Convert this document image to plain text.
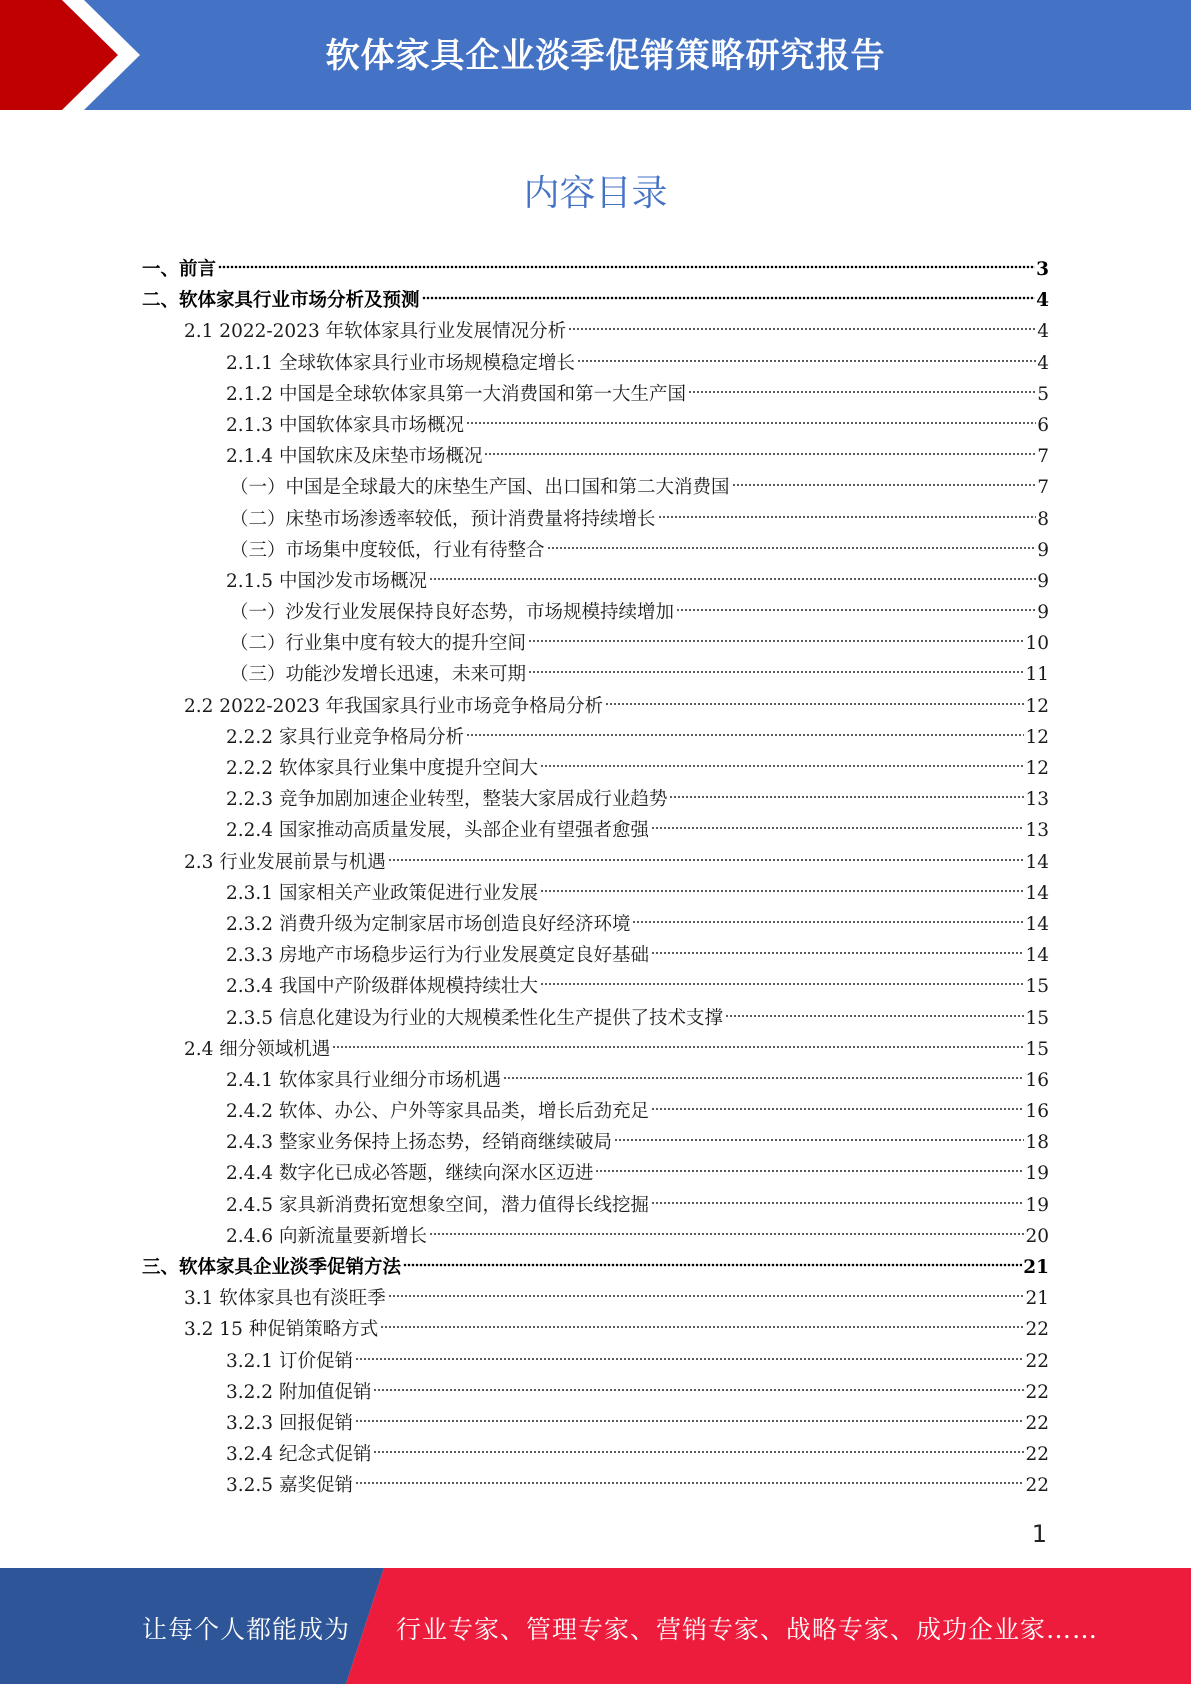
软体家具企业淡季促销策略研究报告
内容目录
一、前言	3
二、软体家具行业市场分析及预测	4
2.1 2022-2023 年软体家具行业发展情况分析	4
2.1.1 全球软体家具行业市场规模稳定增长	4
2.1.2 中国是全球软体家具第一大消费国和第一大生产国	5
2.1.3 中国软体家具市场概况	6
2.1.4 中国软床及床垫市场概况	7
（一）中国是全球最大的床垫生产国、出口国和第二大消费国	7
（二）床垫市场渗透率较低，预计消费量将持续增长	8
（三）市场集中度较低，行业有待整合	9
2.1.5 中国沙发市场概况	9
（一）沙发行业发展保持良好态势，市场规模持续增加	9
（二）行业集中度有较大的提升空间	10
（三）功能沙发增长迅速，未来可期	11
2.2 2022-2023 年我国家具行业市场竞争格局分析	12
2.2.2 家具行业竞争格局分析	12
2.2.2 软体家具行业集中度提升空间大	12
2.2.3 竞争加剧加速企业转型，整装大家居成行业趋势	13
2.2.4 国家推动高质量发展，头部企业有望强者愈强	13
2.3 行业发展前景与机遇	14
2.3.1 国家相关产业政策促进行业发展	14
2.3.2 消费升级为定制家居市场创造良好经济环境	14
2.3.3 房地产市场稳步运行为行业发展奠定良好基础	14
2.3.4 我国中产阶级群体规模持续壮大	15
2.3.5 信息化建设为行业的大规模柔性化生产提供了技术支撑	15
2.4 细分领域机遇	15
2.4.1 软体家具行业细分市场机遇	16
2.4.2 软体、办公、户外等家具品类，增长后劲充足	16
2.4.3 整家业务保持上扬态势，经销商继续破局	18
2.4.4 数字化已成必答题，继续向深水区迈进	19
2.4.5 家具新消费拓宽想象空间，潜力值得长线挖掘	19
2.4.6 向新流量要新增长	20
三、软体家具企业淡季促销方法	21
3.1 软体家具也有淡旺季	21
3.2 15 种促销策略方式	22
3.2.1 订价促销	22
3.2.2 附加值促销	22
3.2.3 回报促销	22
3.2.4 纪念式促销	22
3.2.5 嘉奖促销	22
1
让每个人都能成为 行业专家、管理专家、营销专家、战略专家、成功企业家……
